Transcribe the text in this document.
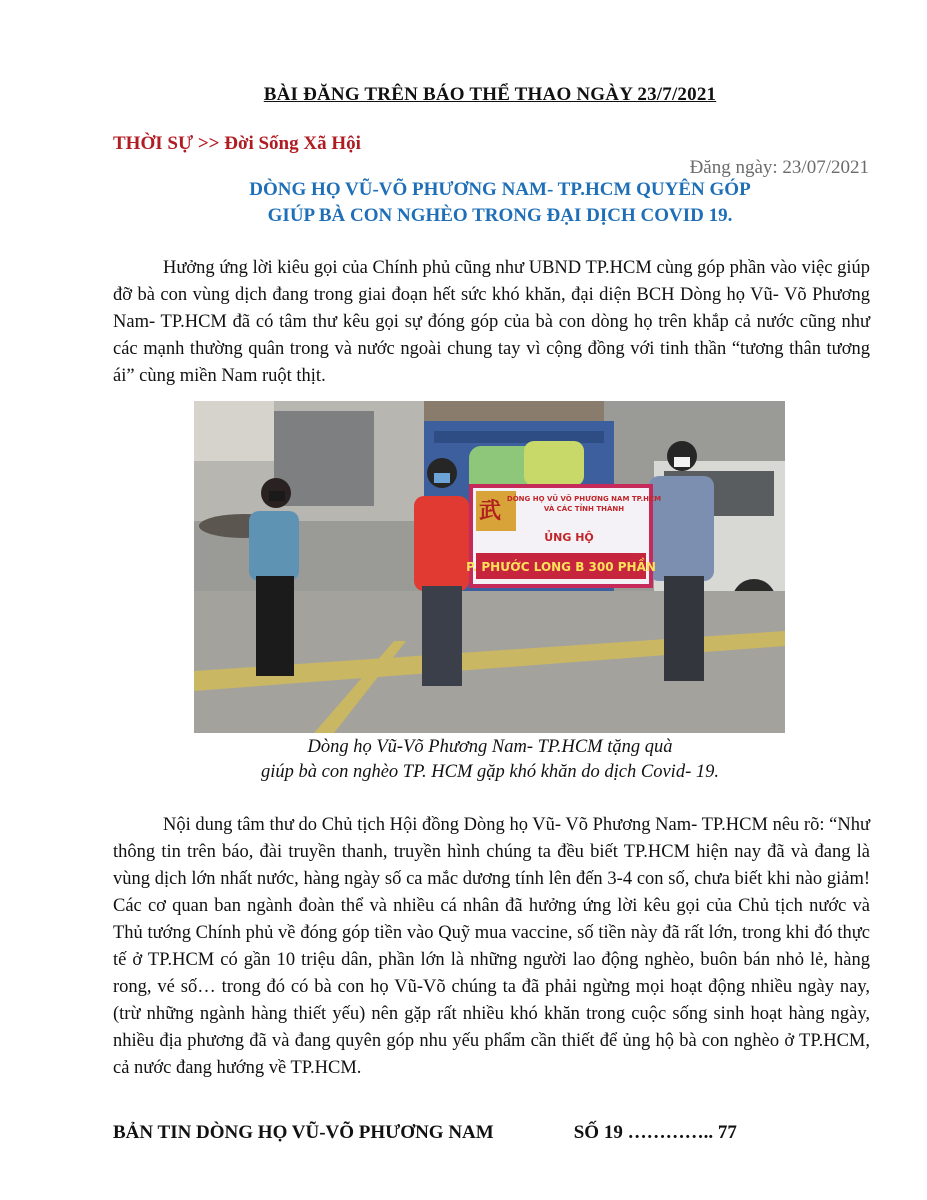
BÀI ĐĂNG TRÊN BÁO THỂ THAO NGÀY 23/7/2021
THỜI SỰ >> Đời Sống Xã Hội
Đăng ngày: 23/07/2021
DÒNG HỌ VŨ-VÕ PHƯƠNG NAM- TP.HCM QUYÊN GÓP
GIÚP BÀ CON NGHÈO TRONG ĐẠI DỊCH COVID 19.

Hưởng ứng lời kiêu gọi của Chính phủ cũng như UBND TP.HCM cùng góp phần vào việc giúp đỡ bà con vùng dịch đang trong giai đoạn hết sức khó khăn, đại diện BCH Dòng họ Vũ- Võ Phương Nam- TP.HCM đã có tâm thư kêu gọi sự đóng góp của bà con dòng họ trên khắp cả nước cũng như các mạnh thường quân trong và nước ngoài chung tay vì cộng đồng với tinh thần “tương thân tương ái” cùng miền Nam ruột thịt.

武 DÒNG HỌ VŨ VÕ PHƯƠNG NAM TP.HCM
VÀ CÁC TỈNH THÀNH
ỦNG HỘ
P. PHƯỚC LONG B 300 PHẦN
Dòng họ Vũ-Võ Phương Nam- TP.HCM tặng quà
giúp bà con nghèo TP. HCM gặp khó khăn do dịch Covid- 19.

Nội dung tâm thư do Chủ tịch Hội đồng Dòng họ Vũ- Võ Phương Nam- TP.HCM nêu rõ: “Như thông tin trên báo, đài truyền thanh, truyền hình chúng ta đều biết TP.HCM hiện nay đã và đang là vùng dịch lớn nhất nước, hàng ngày số ca mắc dương tính lên đến 3-4 con số, chưa biết khi nào giảm! Các cơ quan ban ngành đoàn thể và nhiều cá nhân đã hưởng ứng lời kêu gọi của Chủ tịch nước và Thủ tướng Chính phủ về đóng góp tiền vào Quỹ mua vaccine, số tiền này đã rất lớn, trong khi đó thực tế ở TP.HCM có gần 10 triệu dân, phần lớn là những người lao động nghèo, buôn bán nhỏ lẻ, hàng rong, vé số… trong đó có bà con họ Vũ-Võ chúng ta đã phải ngừng mọi hoạt động nhiều ngày nay, (trừ những ngành hàng thiết yếu) nên gặp rất nhiều khó khăn trong cuộc sống sinh hoạt hàng ngày, nhiều địa phương đã và đang quyên góp nhu yếu phẩm cần thiết để ủng hộ bà con nghèo ở TP.HCM, cả nước đang hướng về TP.HCM.

BẢN TIN DÒNG HỌ VŨ-VÕ PHƯƠNG NAM	SỐ 19 ………….. 77
